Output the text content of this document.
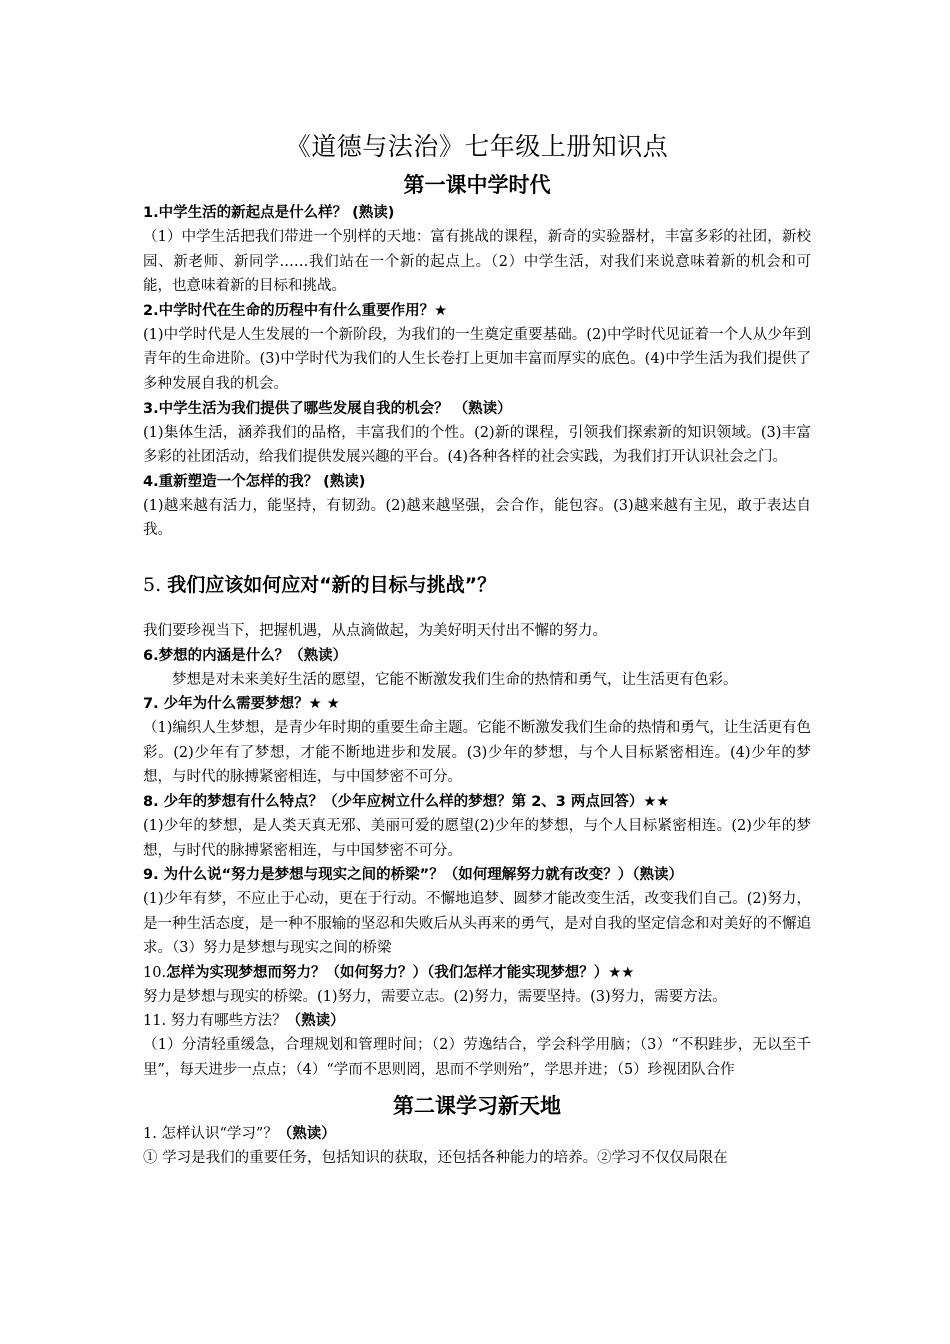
《道德与法治》七年级上册知识点
第一课中学时代

1.中学生活的新起点是什么样？ (熟读)

（1）中学生活把我们带进一个别样的天地：富有挑战的课程，新奇的实验器材，丰富多彩的社团，新校园、新老师、新同学……我们站在一个新的起点上。（2）中学生活，对我们来说意味着新的机会和可能，也意味着新的目标和挑战。

2.中学时代在生命的历程中有什么重要作用？★

(1)中学时代是人生发展的一个新阶段，为我们的一生奠定重要基础。(2)中学时代见证着一个人从少年到青年的生命进阶。(3)中学时代为我们的人生长卷打上更加丰富而厚实的底色。(4)中学生活为我们提供了多种发展自我的机会。

3.中学生活为我们提供了哪些发展自我的机会？ （熟读）

(1)集体生活，涵养我们的品格，丰富我们的个性。(2)新的课程，引领我们探索新的知识领域。(3)丰富多彩的社团活动，给我们提供发展兴趣的平台。(4)各种各样的社会实践，为我们打开认识社会之门。

4.重新塑造一个怎样的我？ (熟读)

(1)越来越有活力，能坚持，有韧劲。(2)越来越坚强，会合作，能包容。(3)越来越有主见，敢于表达自我。

5. 我们应该如何应对“新的目标与挑战”？

我们要珍视当下，把握机遇，从点滴做起，为美好明天付出不懈的努力。

6.梦想的内涵是什么？（熟读）

梦想是对未来美好生活的愿望，它能不断激发我们生命的热情和勇气，让生活更有色彩。

7. 少年为什么需要梦想？★ ★

（1)编织人生梦想，是青少年时期的重要生命主题。它能不断激发我们生命的热情和勇气，让生活更有色彩。(2)少年有了梦想，才能不断地进步和发展。(3)少年的梦想，与个人目标紧密相连。(4)少年的梦想，与时代的脉搏紧密相连，与中国梦密不可分。

8. 少年的梦想有什么特点？（少年应树立什么样的梦想？第 2、3 两点回答）★★

(1)少年的梦想，是人类天真无邪、美丽可爱的愿望(2)少年的梦想，与个人目标紧密相连。(2)少年的梦想，与时代的脉搏紧密相连，与中国梦密不可分。

9. 为什么说“努力是梦想与现实之间的桥梁”？（如何理解努力就有改变？）（熟读）

(1)少年有梦，不应止于心动，更在于行动。不懈地追梦、圆梦才能改变生活，改变我们自己。(2)努力，是一种生活态度，是一种不服输的坚忍和失败后从头再来的勇气，是对自我的坚定信念和对美好的不懈追求。（3）努力是梦想与现实之间的桥梁

10.怎样为实现梦想而努力？（如何努力？）（我们怎样才能实现梦想？）★★

努力是梦想与现实的桥梁。(1)努力，需要立志。(2)努力，需要坚持。(3)努力，需要方法。

11. 努力有哪些方法？（熟读）

（1）分清轻重缓急，合理规划和管理时间；（2）劳逸结合，学会科学用脑；（3）“不积跬步，无以至千里”，每天进步一点点；（4）“学而不思则罔，思而不学则殆”，学思并进；（5）珍视团队合作

第二课学习新天地

1. 怎样认识“学习”？（熟读）

① 学习是我们的重要任务，包括知识的获取，还包括各种能力的培养。②学习不仅仅局限在
